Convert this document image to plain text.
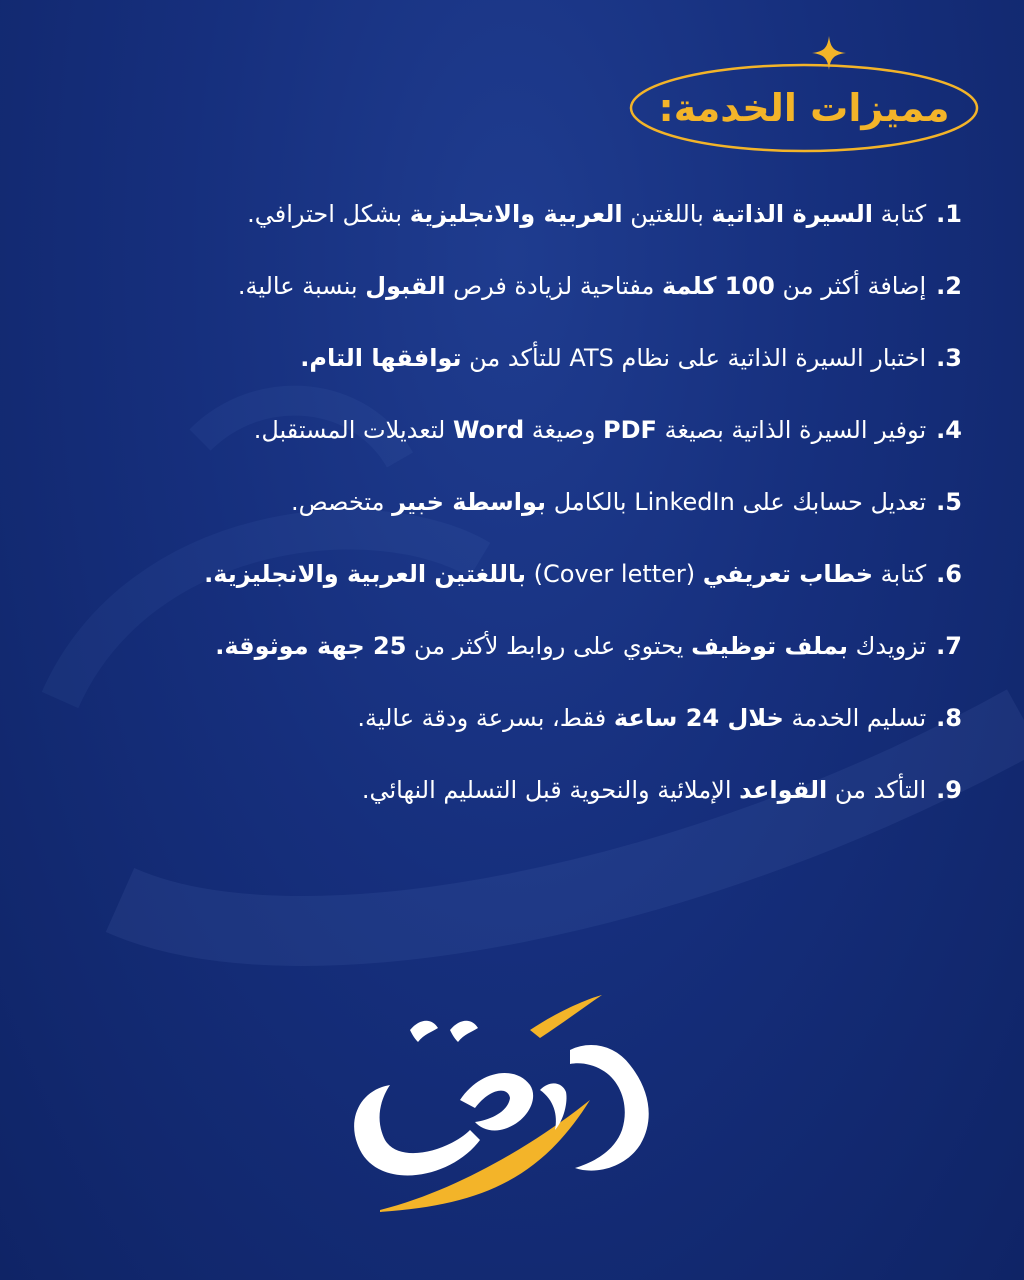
مميزات الخدمة:
1.كتابة السيرة الذاتية باللغتين العربية والانجليزية بشكل احترافي.
2.إضافة أكثر من 100 كلمة مفتاحية لزيادة فرص القبول بنسبة عالية.
3.اختبار السيرة الذاتية على نظام ATS للتأكد من توافقها التام.
4.توفير السيرة الذاتية بصيغة PDF وصيغة Word لتعديلات المستقبل.
5.تعديل حسابك على LinkedIn بالكامل بواسطة خبير متخصص.
6.كتابة خطاب تعريفي (Cover letter) باللغتين العربية والانجليزية.
7.تزويدك بملف توظيف يحتوي على روابط لأكثر من 25 جهة موثوقة.
8.تسليم الخدمة خلال 24 ساعة فقط، بسرعة ودقة عالية.
9.التأكد من القواعد الإملائية والنحوية قبل التسليم النهائي.
